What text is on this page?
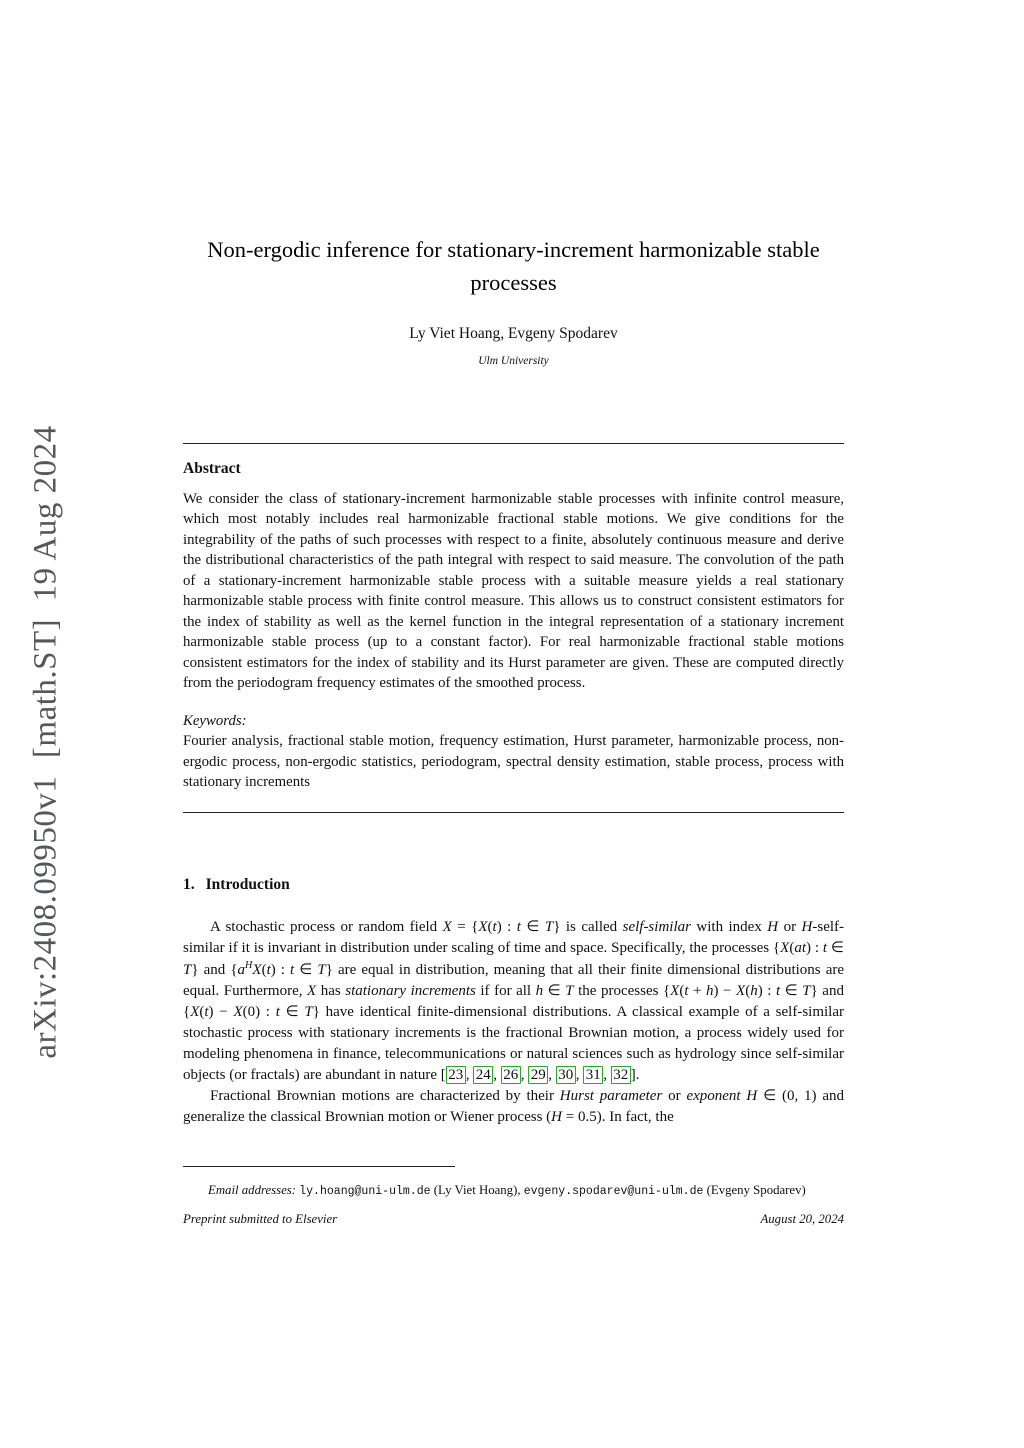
arXiv:2408.09950v1  [math.ST]  19 Aug 2024
Non-ergodic inference for stationary-increment harmonizable stable processes
Ly Viet Hoang, Evgeny Spodarev
Ulm University
Abstract
We consider the class of stationary-increment harmonizable stable processes with infinite control measure, which most notably includes real harmonizable fractional stable motions. We give conditions for the integrability of the paths of such processes with respect to a finite, absolutely continuous measure and derive the distributional characteristics of the path integral with respect to said measure. The convolution of the path of a stationary-increment harmonizable stable process with a suitable measure yields a real stationary harmonizable stable process with finite control measure. This allows us to construct consistent estimators for the index of stability as well as the kernel function in the integral representation of a stationary increment harmonizable stable process (up to a constant factor). For real harmonizable fractional stable motions consistent estimators for the index of stability and its Hurst parameter are given. These are computed directly from the periodogram frequency estimates of the smoothed process.
Keywords:
Fourier analysis, fractional stable motion, frequency estimation, Hurst parameter, harmonizable process, non-ergodic process, non-ergodic statistics, periodogram, spectral density estimation, stable process, process with stationary increments
1. Introduction

A stochastic process or random field X = {X(t) : t ∈ T} is called self-similar with index H or H-self-similar if it is invariant in distribution under scaling of time and space. Specifically, the processes {X(at) : t ∈ T} and {$a^HX(t)$ : t ∈ T} are equal in distribution, meaning that all their finite dimensional distributions are equal. Furthermore, X has stationary increments if for all h ∈ T the processes {X(t + h) − X(h) : t ∈ T} and {X(t) − X(0) : t ∈ T} have identical finite-dimensional distributions. A classical example of a self-similar stochastic process with stationary increments is the fractional Brownian motion, a process widely used for modeling phenomena in finance, telecommunications or natural sciences such as hydrology since self-similar objects (or fractals) are abundant in nature [ 23 , 24 , 26 , 29 , 30 , 31 , 32 ].

Fractional Brownian motions are characterized by their Hurst parameter or exponent H ∈ (0, 1) and generalize the classical Brownian motion or Wiener process (H = 0.5). In fact, the

Email addresses: ly.hoang@uni-ulm.de (Ly Viet Hoang), evgeny.spodarev@uni-ulm.de (Evgeny Spodarev)
Preprint submitted to Elsevier	August 20, 2024
